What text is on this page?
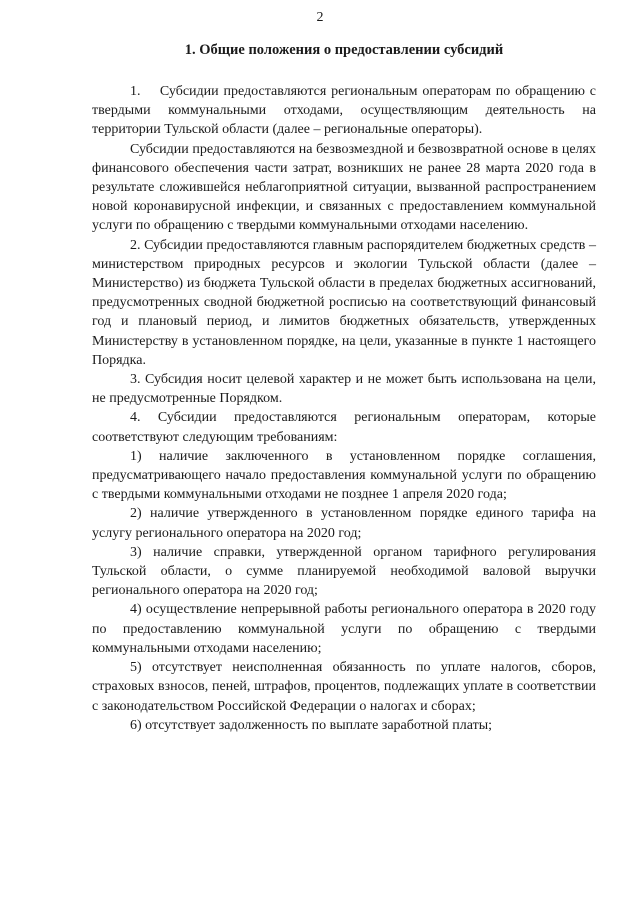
2
1. Общие положения о предоставлении субсидий

1.    Субсидии предоставляются региональным операторам по обращению с твердыми коммунальными отходами, осуществляющим деятельность на территории Тульской области (далее – региональные операторы).

Субсидии предоставляются на безвозмездной и безвозвратной основе в целях финансового обеспечения части затрат, возникших не ранее 28 марта 2020 года в результате сложившейся неблагоприятной ситуации, вызванной распространением новой коронавирусной инфекции, и связанных с предоставлением коммунальной услуги по обращению с твердыми коммунальными отходами населению.

2. Субсидии предоставляются главным распорядителем бюджетных средств – министерством природных ресурсов и экологии Тульской области (далее – Министерство) из бюджета Тульской области в пределах бюджетных ассигнований, предусмотренных сводной бюджетной росписью на соответствующий финансовый год и плановый период, и лимитов бюджетных обязательств, утвержденных Министерству в установленном порядке, на цели, указанные в пункте 1 настоящего Порядка.

3. Субсидия носит целевой характер и не может быть использована на цели, не предусмотренные Порядком.

4. Субсидии предоставляются региональным операторам, которые соответствуют следующим требованиям:

1) наличие заключенного в установленном порядке соглашения, предусматривающего начало предоставления коммунальной услуги по обращению с твердыми коммунальными отходами не позднее 1 апреля 2020 года;

2) наличие утвержденного в установленном порядке единого тарифа на услугу регионального оператора на 2020 год;

3) наличие справки, утвержденной органом тарифного регулирования Тульской области, о сумме планируемой необходимой валовой выручки регионального оператора на 2020 год;

4) осуществление непрерывной работы регионального оператора в 2020 году по предоставлению коммунальной услуги по обращению с твердыми коммунальными отходами населению;

5) отсутствует неисполненная обязанность по уплате налогов, сборов, страховых взносов, пеней, штрафов, процентов, подлежащих уплате в соответствии с законодательством Российской Федерации о налогах и сборах;

6) отсутствует задолженность по выплате заработной платы;
